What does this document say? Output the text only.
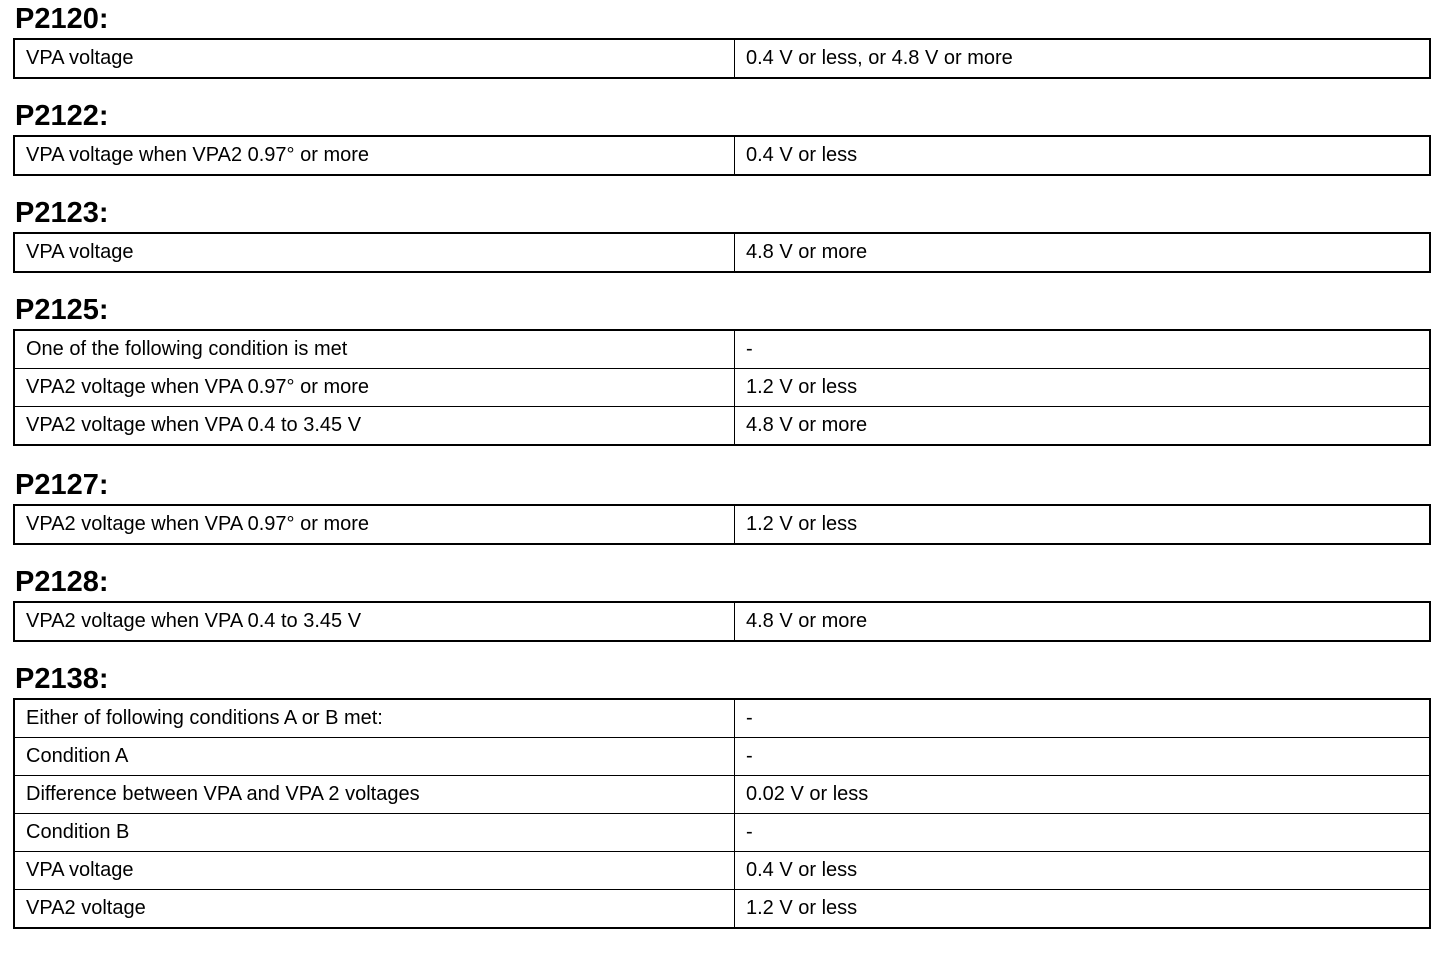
P2120:
VPA voltage	0.4 V or less, or 4.8 V or more
P2122:
VPA voltage when VPA2 0.97° or more	0.4 V or less
P2123:
VPA voltage	4.8 V or more
P2125:
One of the following condition is met	-
VPA2 voltage when VPA 0.97° or more	1.2 V or less
VPA2 voltage when VPA 0.4 to 3.45 V	4.8 V or more
P2127:
VPA2 voltage when VPA 0.97° or more	1.2 V or less
P2128:
VPA2 voltage when VPA 0.4 to 3.45 V	4.8 V or more
P2138:
Either of following conditions A or B met:	-
Condition A	-
Difference between VPA and VPA 2 voltages	0.02 V or less
Condition B	-
VPA voltage	0.4 V or less
VPA2 voltage	1.2 V or less
